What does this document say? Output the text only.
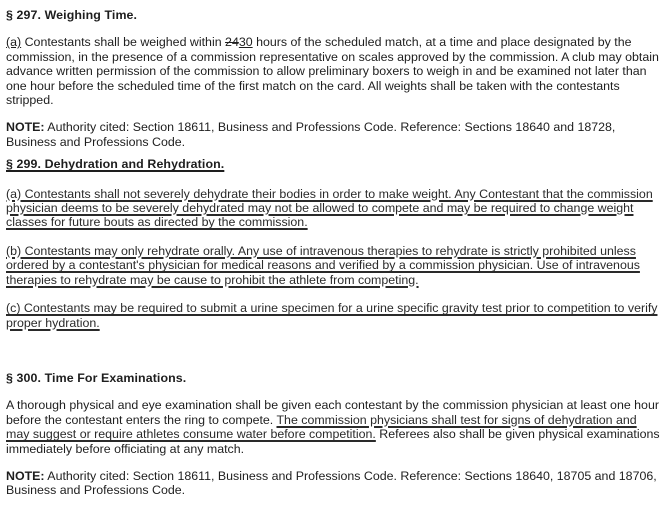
§ 297. Weighing Time.

(a) Contestants shall be weighed within 2430 hours of the scheduled match, at a time and place designated by the commission, in the presence of a commission representative on scales approved by the commission. A club may obtain advance written permission of the commission to allow preliminary boxers to weigh in and be examined not later than one hour before the scheduled time of the first match on the card. All weights shall be taken with the contestants stripped.

NOTE: Authority cited: Section 18611, Business and Professions Code. Reference: Sections 18640 and 18728, Business and Professions Code.

§ 299. Dehydration and Rehydration.

(a) Contestants shall not severely dehydrate their bodies in order to make weight. Any Contestant that the commission physician deems to be severely dehydrated may not be allowed to compete and may be required to change weight classes for future bouts as directed by the commission.

(b) Contestants may only rehydrate orally. Any use of intravenous therapies to rehydrate is strictly prohibited unless ordered by a contestant's physician for medical reasons and verified by a commission physician. Use of intravenous therapies to rehydrate may be cause to prohibit the athlete from competing.

(c) Contestants may be required to submit a urine specimen for a urine specific gravity test prior to competition to verify proper hydration.

§ 300. Time For Examinations.

A thorough physical and eye examination shall be given each contestant by the commission physician at least one hour before the contestant enters the ring to compete. The commission physicians shall test for signs of dehydration and may suggest or require athletes consume water before competition. Referees also shall be given physical examinations immediately before officiating at any match.

NOTE: Authority cited: Section 18611, Business and Professions Code. Reference: Sections 18640, 18705 and 18706, Business and Professions Code.
